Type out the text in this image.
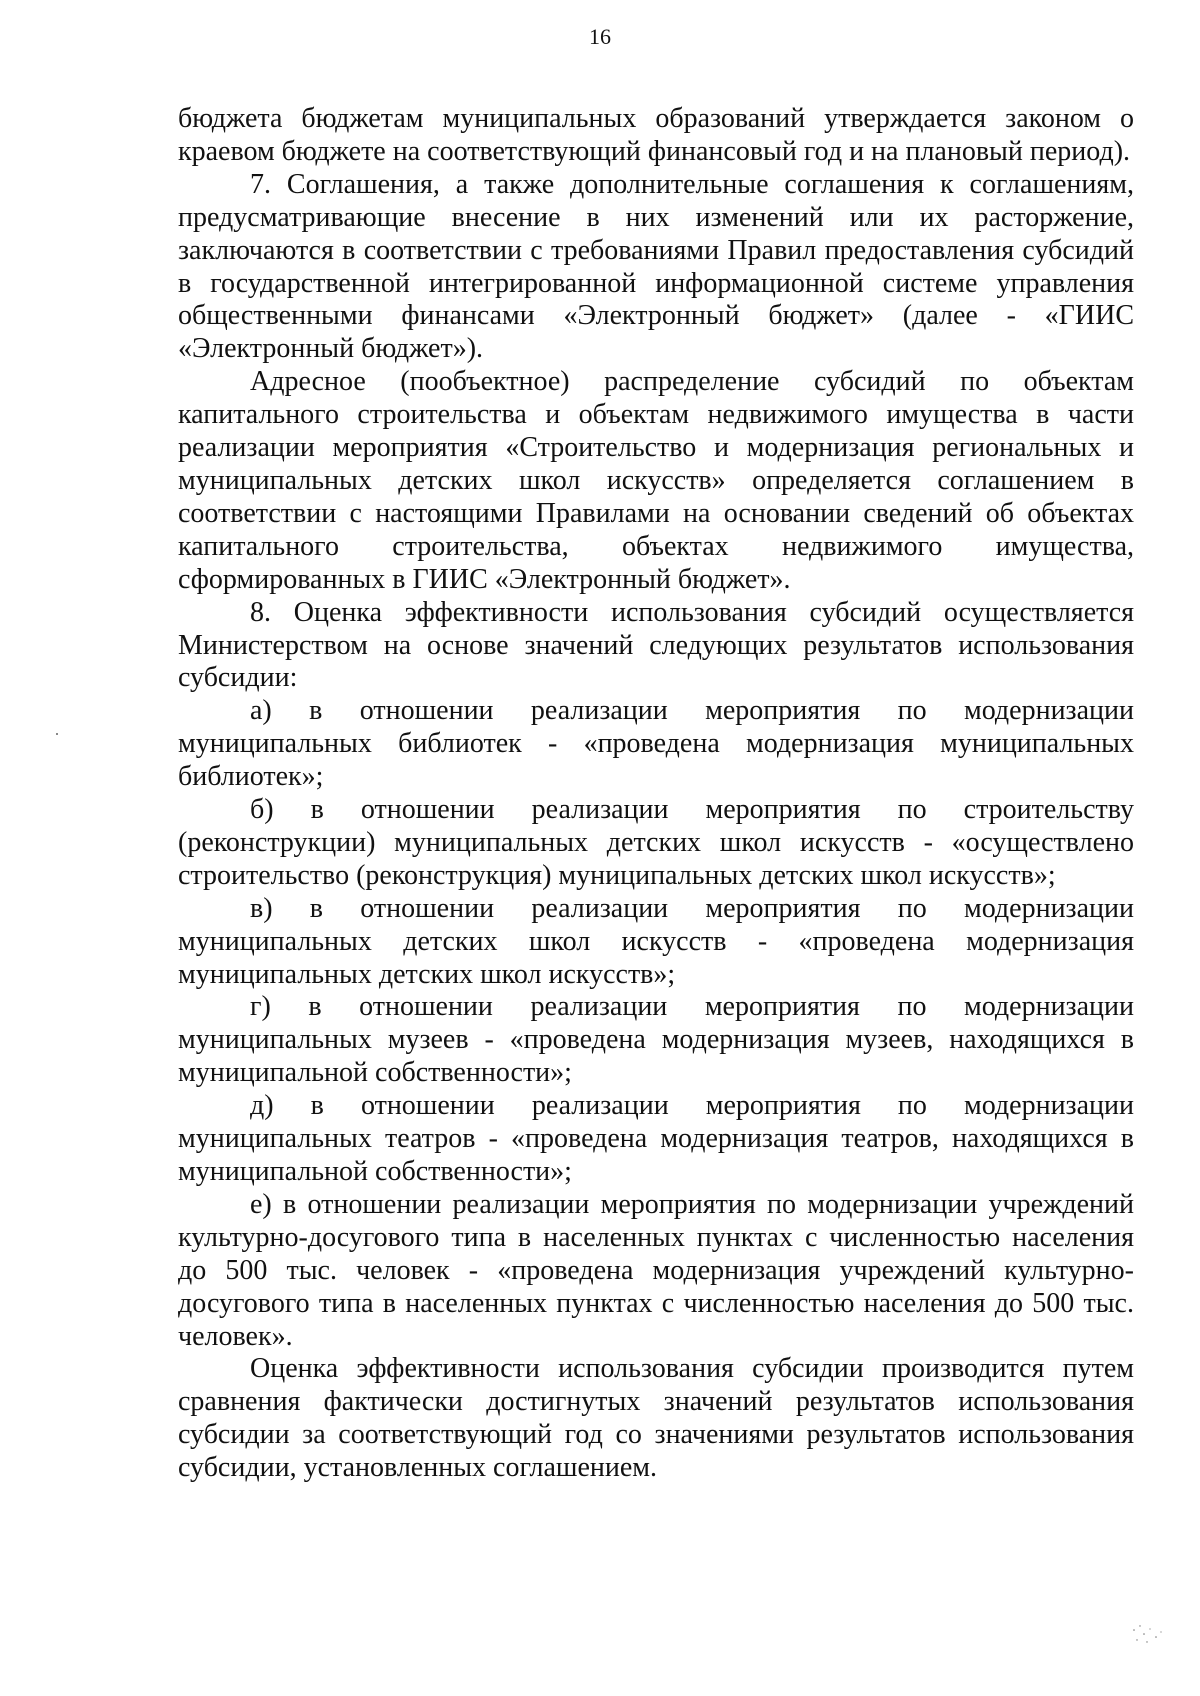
16

бюджета бюджетам муниципальных образований утверждается законом о краевом бюджете на соответствующий финансовый год и на плановый период).

7. Соглашения, а также дополнительные соглашения к соглашениям, предусматривающие внесение в них изменений или их расторжение, заключаются в соответствии с требованиями Правил предоставления субсидий в государственной интегрированной информационной системе управления общественными финансами «Электронный бюджет» (далее - «ГИИС «Электронный бюджет»).

Адресное (пообъектное) распределение субсидий по объектам капитального строительства и объектам недвижимого имущества в части реализации мероприятия «Строительство и модернизация региональных и муниципальных детских школ искусств» определяется соглашением в соответствии с настоящими Правилами на основании сведений об объектах капитального строительства, объектах недвижимого имущества, сформированных в ГИИС «Электронный бюджет».

8. Оценка эффективности использования субсидий осуществляется Министерством на основе значений следующих результатов использования субсидии:

а) в отношении реализации мероприятия по модернизации муниципальных библиотек - «проведена модернизация муниципальных библиотек»;

б) в отношении реализации мероприятия по строительству (реконструкции) муниципальных детских школ искусств - «осуществлено строительство (реконструкция) муниципальных детских школ искусств»;

в) в отношении реализации мероприятия по модернизации муниципальных детских школ искусств - «проведена модернизация муниципальных детских школ искусств»;

г) в отношении реализации мероприятия по модернизации муниципальных музеев - «проведена модернизация музеев, находящихся в муниципальной собственности»;

д) в отношении реализации мероприятия по модернизации муниципальных театров - «проведена модернизация театров, находящихся в муниципальной собственности»;

е) в отношении реализации мероприятия по модернизации учреждений культурно-досугового типа в населенных пунктах с численностью населения до 500 тыс. человек - «проведена модернизация учреждений культурно-досугового типа в населенных пунктах с численностью населения до 500 тыс. человек».

Оценка эффективности использования субсидии производится путем сравнения фактически достигнутых значений результатов использования субсидии за соответствующий год со значениями результатов использования субсидии, установленных соглашением.
